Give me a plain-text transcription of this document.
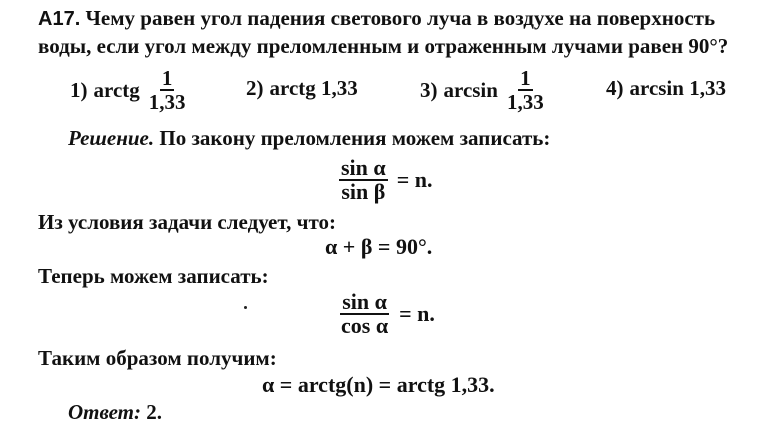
А17. Чему равен угол падения светового луча в воздухе на поверхность
воды, если угол между преломленным и отраженным лучами равен 90°?
1) arctg $\frac{1}{1,33}$	2) arctg 1,33	3) $\arcsin \frac{1}{1,33}$	4) arcsin 1,33
Решение. По закону преломления можем записать:
$\frac{\text{sin α}}{\text{sin β}} = n$.
Из условия задачи следует, что:
α + β = 90°.
Теперь можем записать:
$\frac{\text{sin α}}{\text{cos α}} = n$.
Таким образом получим:
α = arctg(n) = arctg 1,33.
Ответ: 2.
